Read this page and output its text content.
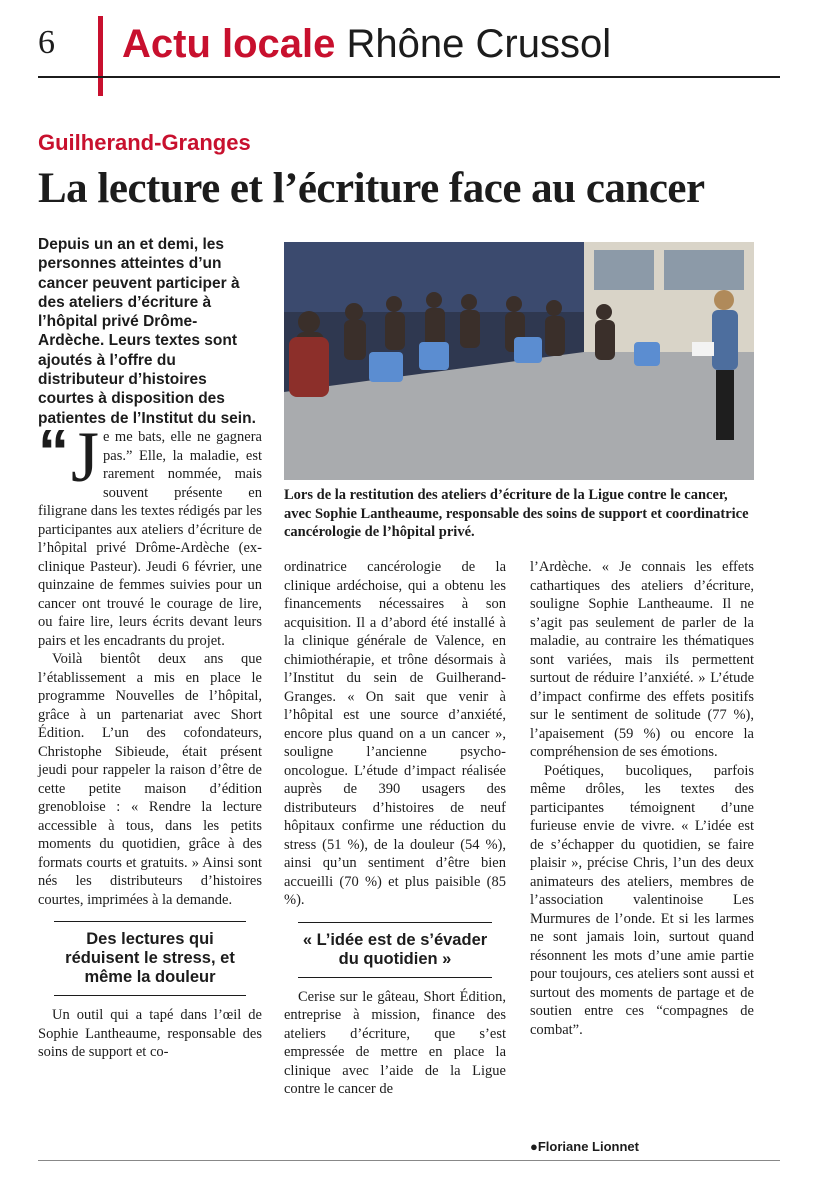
6 Actu locale Rhône Crussol
Guilherand-Granges
La lecture et l’écriture face au cancer
Depuis un an et demi, les personnes atteintes d’un cancer peuvent participer à des ateliers d’écriture à l’hôpital privé Drôme-Ardèche. Leurs textes sont ajoutés à l’offre du distributeur d’histoires courtes à disposition des patientes de l’Institut du sein.
Lors de la restitution des ateliers d’écriture de la Ligue contre le cancer, avec Sophie Lantheaume, responsable des soins de support et coordinatrice cancérologie de l’hôpital privé.

“ J e me bats, elle ne gagnera pas.” Elle, la maladie, est rarement nommée, mais souvent présente en filigrane dans les textes rédigés par les participantes aux ateliers d’écriture de l’hôpital privé Drôme-Ardèche (ex-clinique Pasteur). Jeudi 6 février, une quinzaine de femmes suivies pour un cancer ont trouvé le courage de lire, ou faire lire, leurs écrits devant leurs pairs et les encadrants du projet.

Voilà bientôt deux ans que l’établissement a mis en place le programme Nouvelles de l’hôpital, grâce à un partenariat avec Short Édition. L’un des cofondateurs, Christophe Sibieude, était présent jeudi pour rappeler la raison d’être de cette petite maison d’édition grenobloise : « Rendre la lecture accessible à tous, dans les petits moments du quotidien, grâce à des formats courts et gratuits. » Ainsi sont nés les distributeurs d’histoires courtes, imprimées à la demande.

Des lectures qui réduisent le stress, et même la douleur

Un outil qui a tapé dans l’œil de Sophie Lantheaume, responsable des soins de support et co-

ordinatrice cancérologie de la clinique ardéchoise, qui a obtenu les financements nécessaires à son acquisition. Il a d’abord été installé à la clinique générale de Valence, en chimiothérapie, et trône désormais à l’Institut du sein de Guilherand-Granges. « On sait que venir à l’hôpital est une source d’anxiété, encore plus quand on a un cancer », souligne l’ancienne psycho-oncologue. L’étude d’impact réalisée auprès de 390 usagers des distributeurs d’histoires de neuf hôpitaux confirme une réduction du stress (51 %), de la douleur (54 %), ainsi qu’un sentiment d’être bien accueilli (70 %) et plus paisible (85 %).

« L’idée est de s’évader du quotidien »

Cerise sur le gâteau, Short Édition, entreprise à mission, finance des ateliers d’écriture, que s’est empressée de mettre en place la clinique avec l’aide de la Ligue contre le cancer de

l’Ardèche. « Je connais les effets cathartiques des ateliers d’écriture, souligne Sophie Lantheaume. Il ne s’agit pas seulement de parler de la maladie, au contraire les thématiques sont variées, mais ils permettent surtout de réduire l’anxiété. » L’étude d’impact confirme des effets positifs sur le sentiment de solitude (77 %), l’apaisement (59 %) ou encore la compréhension de ses émotions.

Poétiques, bucoliques, parfois même drôles, les textes des participantes témoignent d’une furieuse envie de vivre. « L’idée est de s’échapper du quotidien, se faire plaisir », précise Chris, l’un des deux animateurs des ateliers, membres de l’association valentinoise Les Murmures de l’onde. Et si les larmes ne sont jamais loin, surtout quand résonnent les mots d’une amie partie pour toujours, ces ateliers sont aussi et surtout des moments de partage et de soutien entre ces “compagnes de combat”.

●Floriane Lionnet
